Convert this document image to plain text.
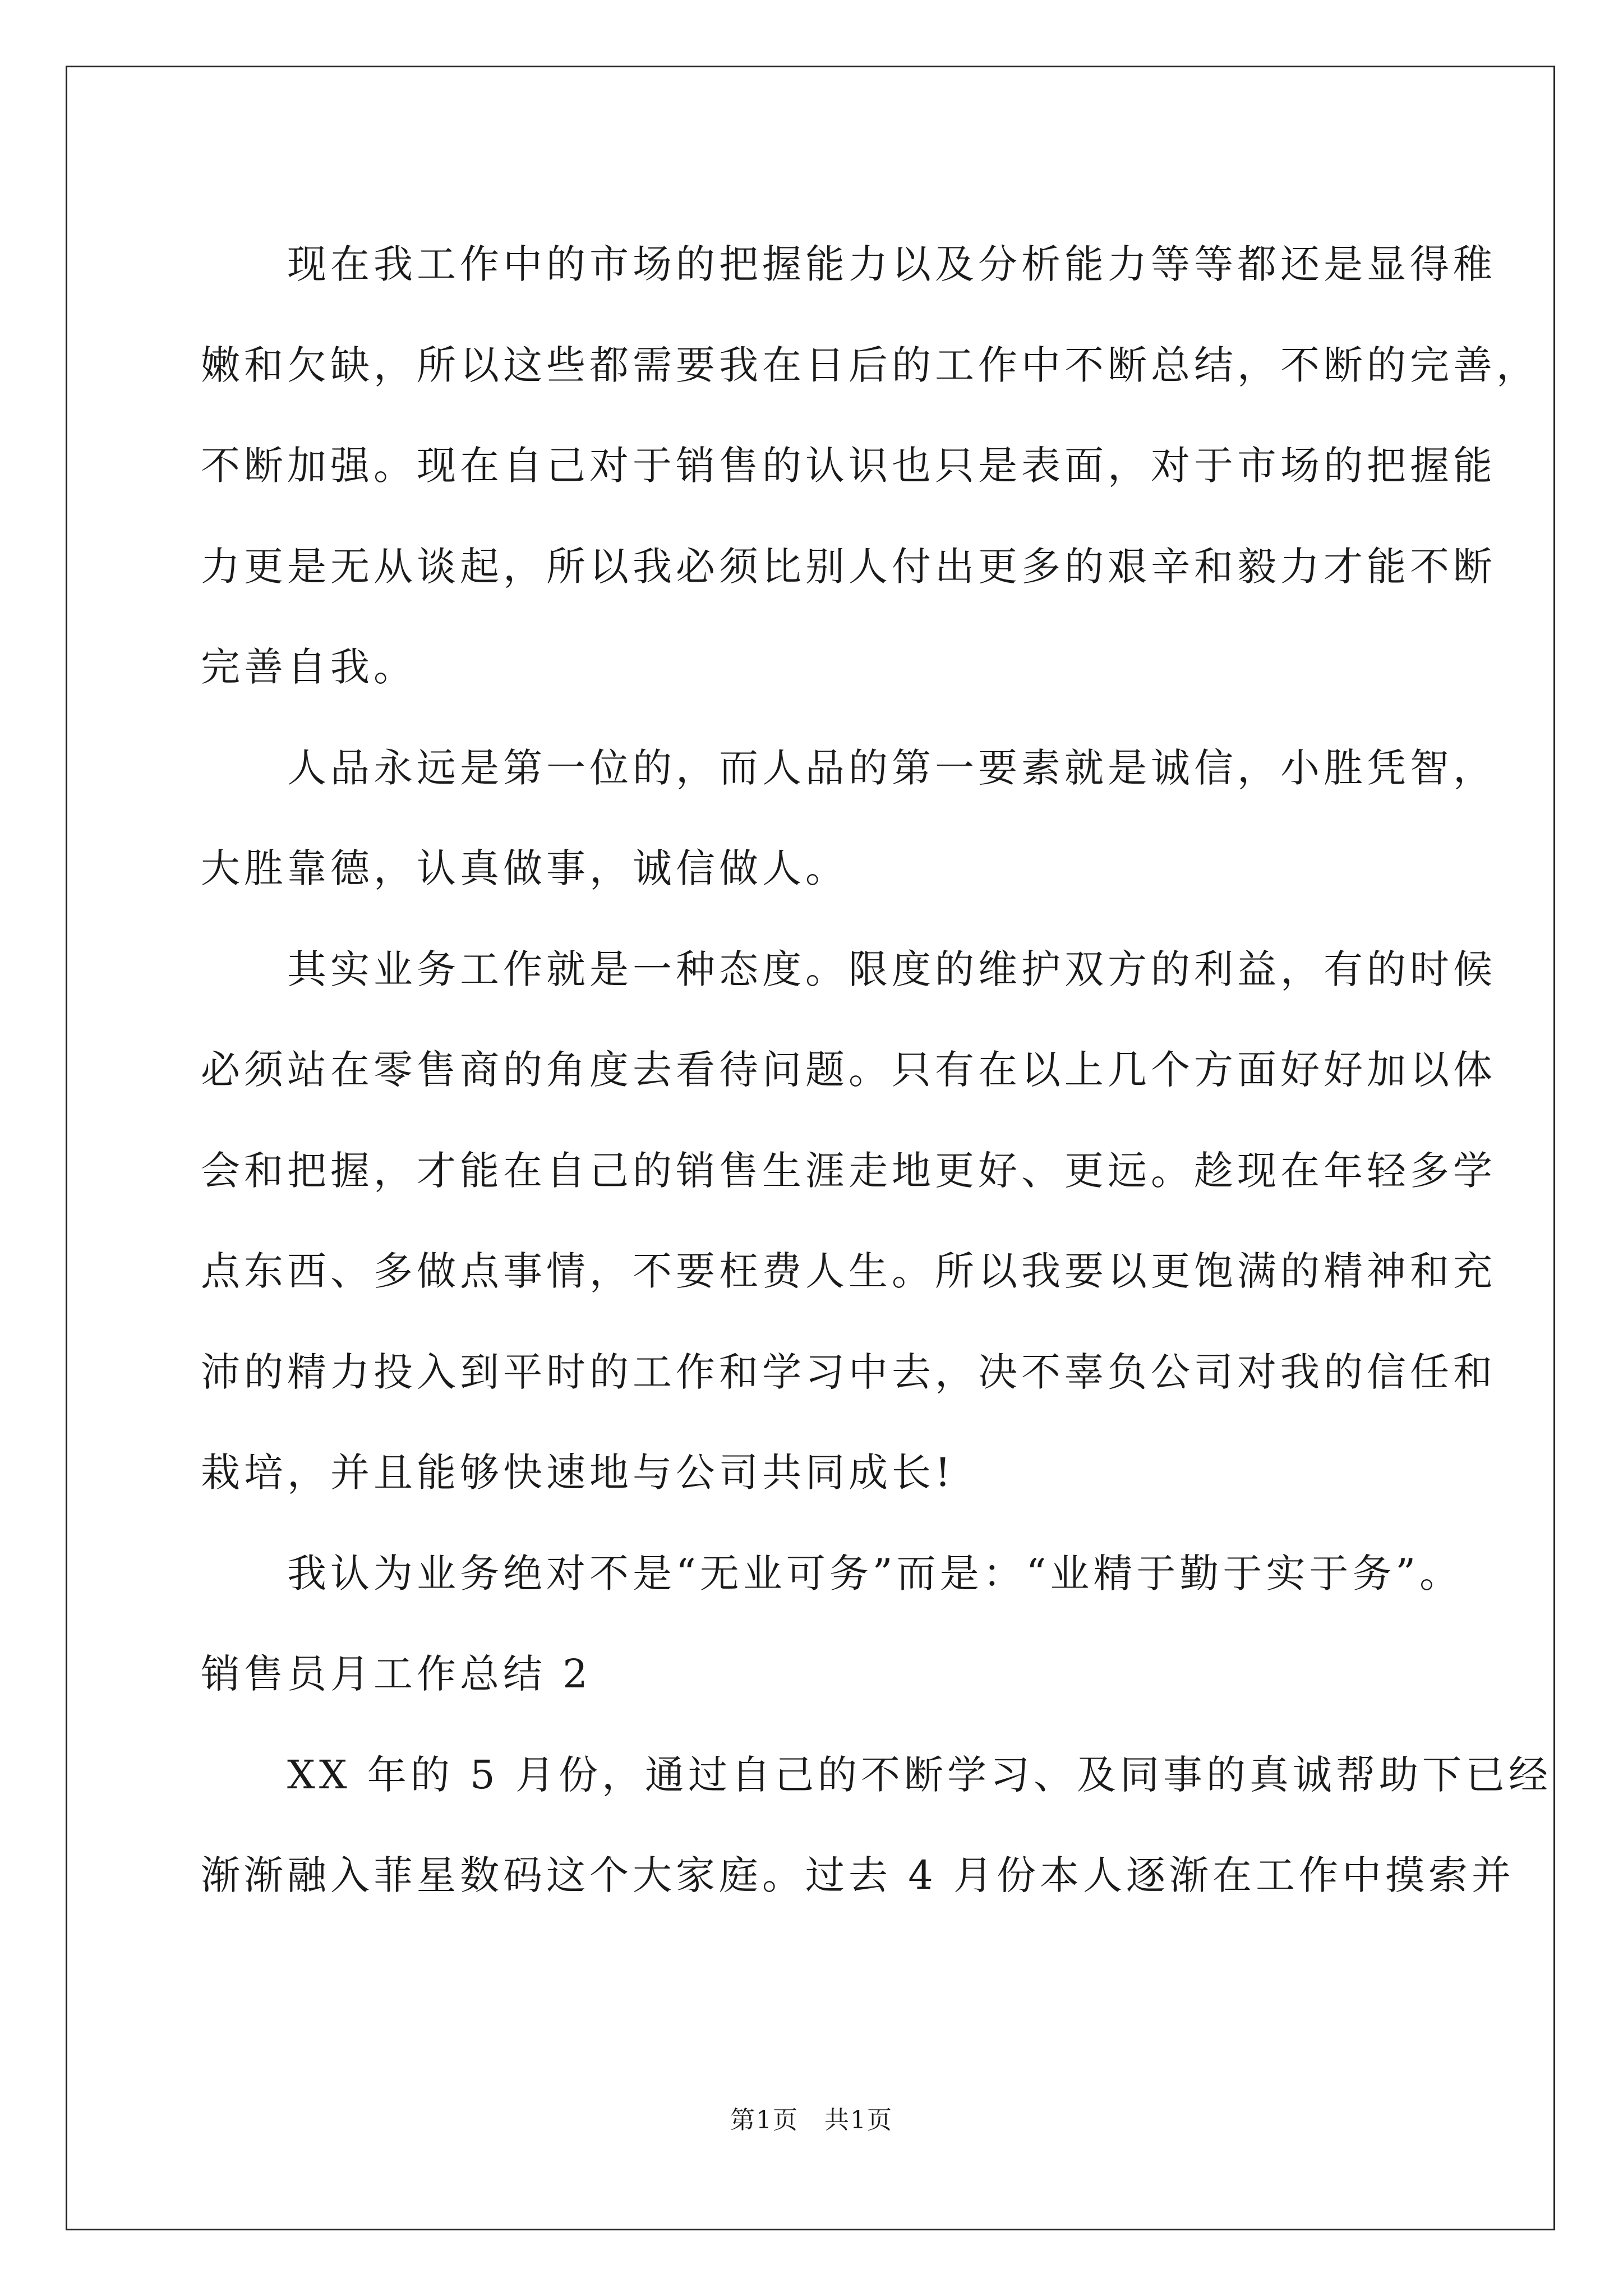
　　现在我工作中的市场的把握能力以及分析能力等等都还是显得稚
嫩和欠缺，所以这些都需要我在日后的工作中不断总结，不断的完善，
不断加强。现在自己对于销售的认识也只是表面，对于市场的把握能
力更是无从谈起，所以我必须比别人付出更多的艰辛和毅力才能不断
完善自我。
　　人品永远是第一位的，而人品的第一要素就是诚信，小胜凭智，
大胜靠德，认真做事，诚信做人。
　　其实业务工作就是一种态度。限度的维护双方的利益，有的时候
必须站在零售商的角度去看待问题。只有在以上几个方面好好加以体
会和把握，才能在自己的销售生涯走地更好、更远。趁现在年轻多学
点东西、多做点事情，不要枉费人生。所以我要以更饱满的精神和充
沛的精力投入到平时的工作和学习中去，决不辜负公司对我的信任和
栽培，并且能够快速地与公司共同成长!
　　我认为业务绝对不是“无业可务”而是：“业精于勤于实于务”。
销售员月工作总结 2
　　XX 年的 5 月份，通过自己的不断学习、及同事的真诚帮助下已经
渐渐融入菲星数码这个大家庭。过去 4 月份本人逐渐在工作中摸索并
第1页　共1页
